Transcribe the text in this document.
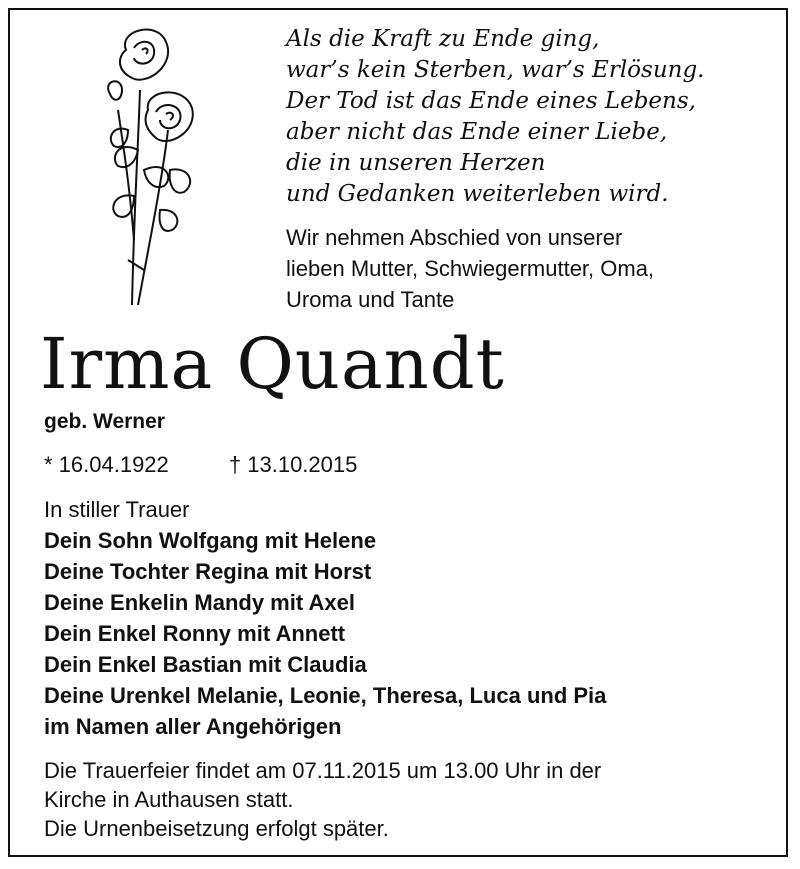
Als die Kraft zu Ende ging,
war’s kein Sterben, war’s Erlösung.
Der Tod ist das Ende eines Lebens,
aber nicht das Ende einer Liebe,
die in unseren Herzen
und Gedanken weiterleben wird.
Wir nehmen Abschied von unserer
lieben Mutter, Schwiegermutter, Oma,
Uroma und Tante
Irma Quandt
geb. Werner
* 16.04.1922	† 13.10.2015
In stiller Trauer
Dein Sohn Wolfgang mit Helene
Deine Tochter Regina mit Horst
Deine Enkelin Mandy mit Axel
Dein Enkel Ronny mit Annett
Dein Enkel Bastian mit Claudia
Deine Urenkel Melanie, Leonie, Theresa, Luca und Pia
im Namen aller Angehörigen
Die Trauerfeier findet am 07.11.2015 um 13.00 Uhr in der
Kirche in Authausen statt.
Die Urnenbeisetzung erfolgt später.
